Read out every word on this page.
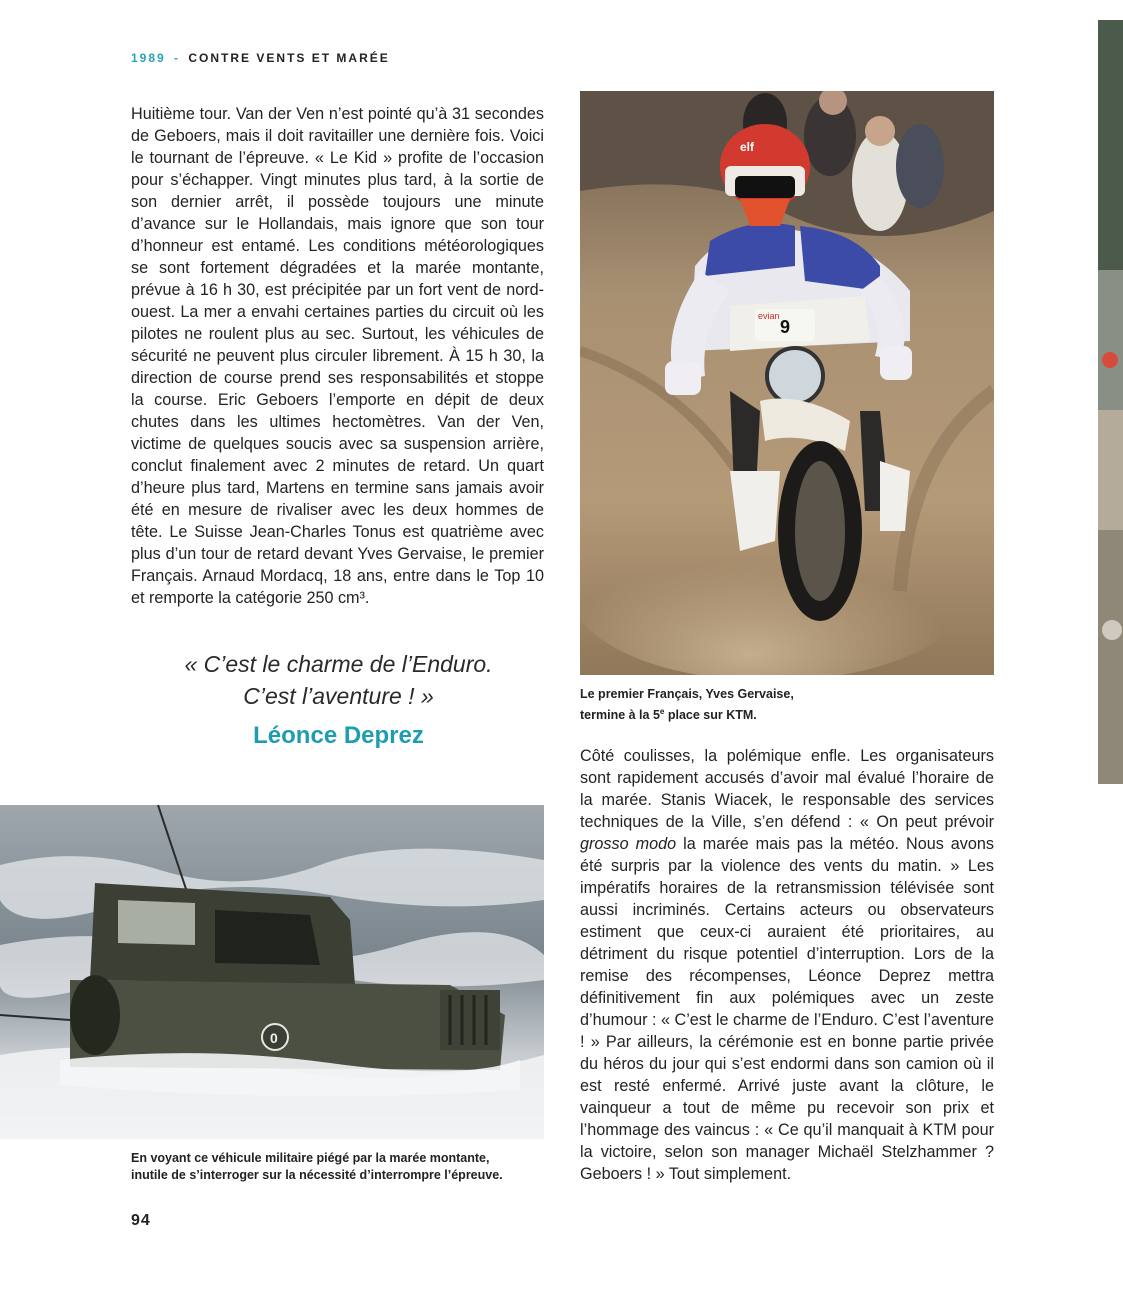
1989 - CONTRE VENTS ET MARÉE

Huitième tour. Van der Ven n’est pointé qu’à 31 secondes de Geboers, mais il doit ravitailler une dernière fois. Voici le tournant de l’épreuve. « Le Kid » profite de l’occasion pour s’échapper. Vingt minutes plus tard, à la sortie de son dernier arrêt, il possède toujours une minute d’avance sur le Hollandais, mais ignore que son tour d’honneur est entamé. Les conditions météorologiques se sont fortement dégradées et la marée montante, prévue à 16 h 30, est précipitée par un fort vent de nord-ouest. La mer a envahi certaines parties du circuit où les pilotes ne roulent plus au sec. Surtout, les véhicules de sécurité ne peuvent plus circuler librement. À 15 h 30, la direction de course prend ses responsabilités et stoppe la course. Eric Geboers l’emporte en dépit de deux chutes dans les ultimes hectomètres. Van der Ven, victime de quelques soucis avec sa suspension arrière, conclut finalement avec 2 minutes de retard. Un quart d’heure plus tard, Martens en termine sans jamais avoir été en mesure de rivaliser avec les deux hommes de tête. Le Suisse Jean-Charles Tonus est quatrième avec plus d’un tour de retard devant Yves Gervaise, le premier Français. Arnaud Mordacq, 18 ans, entre dans le Top 10 et remporte la catégorie 250 cm³.

« C’est le charme de l’Enduro.
C’est l’aventure ! »
Léonce Deprez
elf
9
evian
Le premier Français, Yves Gervaise,
termine à la 5e place sur KTM.

Côté coulisses, la polémique enfle. Les organisateurs sont rapidement accusés d’avoir mal évalué l’horaire de la marée. Stanis Wiacek, le responsable des services techniques de la Ville, s’en défend : « On peut prévoir grosso modo la marée mais pas la météo. Nous avons été surpris par la violence des vents du matin. » Les impératifs horaires de la retransmission télévisée sont aussi incriminés. Certains acteurs ou observateurs estiment que ceux-ci auraient été prioritaires, au détriment du risque potentiel d’interruption. Lors de la remise des récompenses, Léonce Deprez mettra définitivement fin aux polémiques avec un zeste d’humour : « C’est le charme de l’Enduro. C’est l’aventure ! » Par ailleurs, la cérémonie est en bonne partie privée du héros du jour qui s’est endormi dans son camion où il est resté enfermé. Arrivé juste avant la clôture, le vainqueur a tout de même pu recevoir son prix et l’hommage des vaincus : « Ce qu’il manquait à KTM pour la victoire, selon son manager Michaël Stelzhammer ? Geboers ! » Tout simplement.

0
En voyant ce véhicule militaire piégé par la marée montante,
inutile de s’interroger sur la nécessité d’interrompre l’épreuve.
94
